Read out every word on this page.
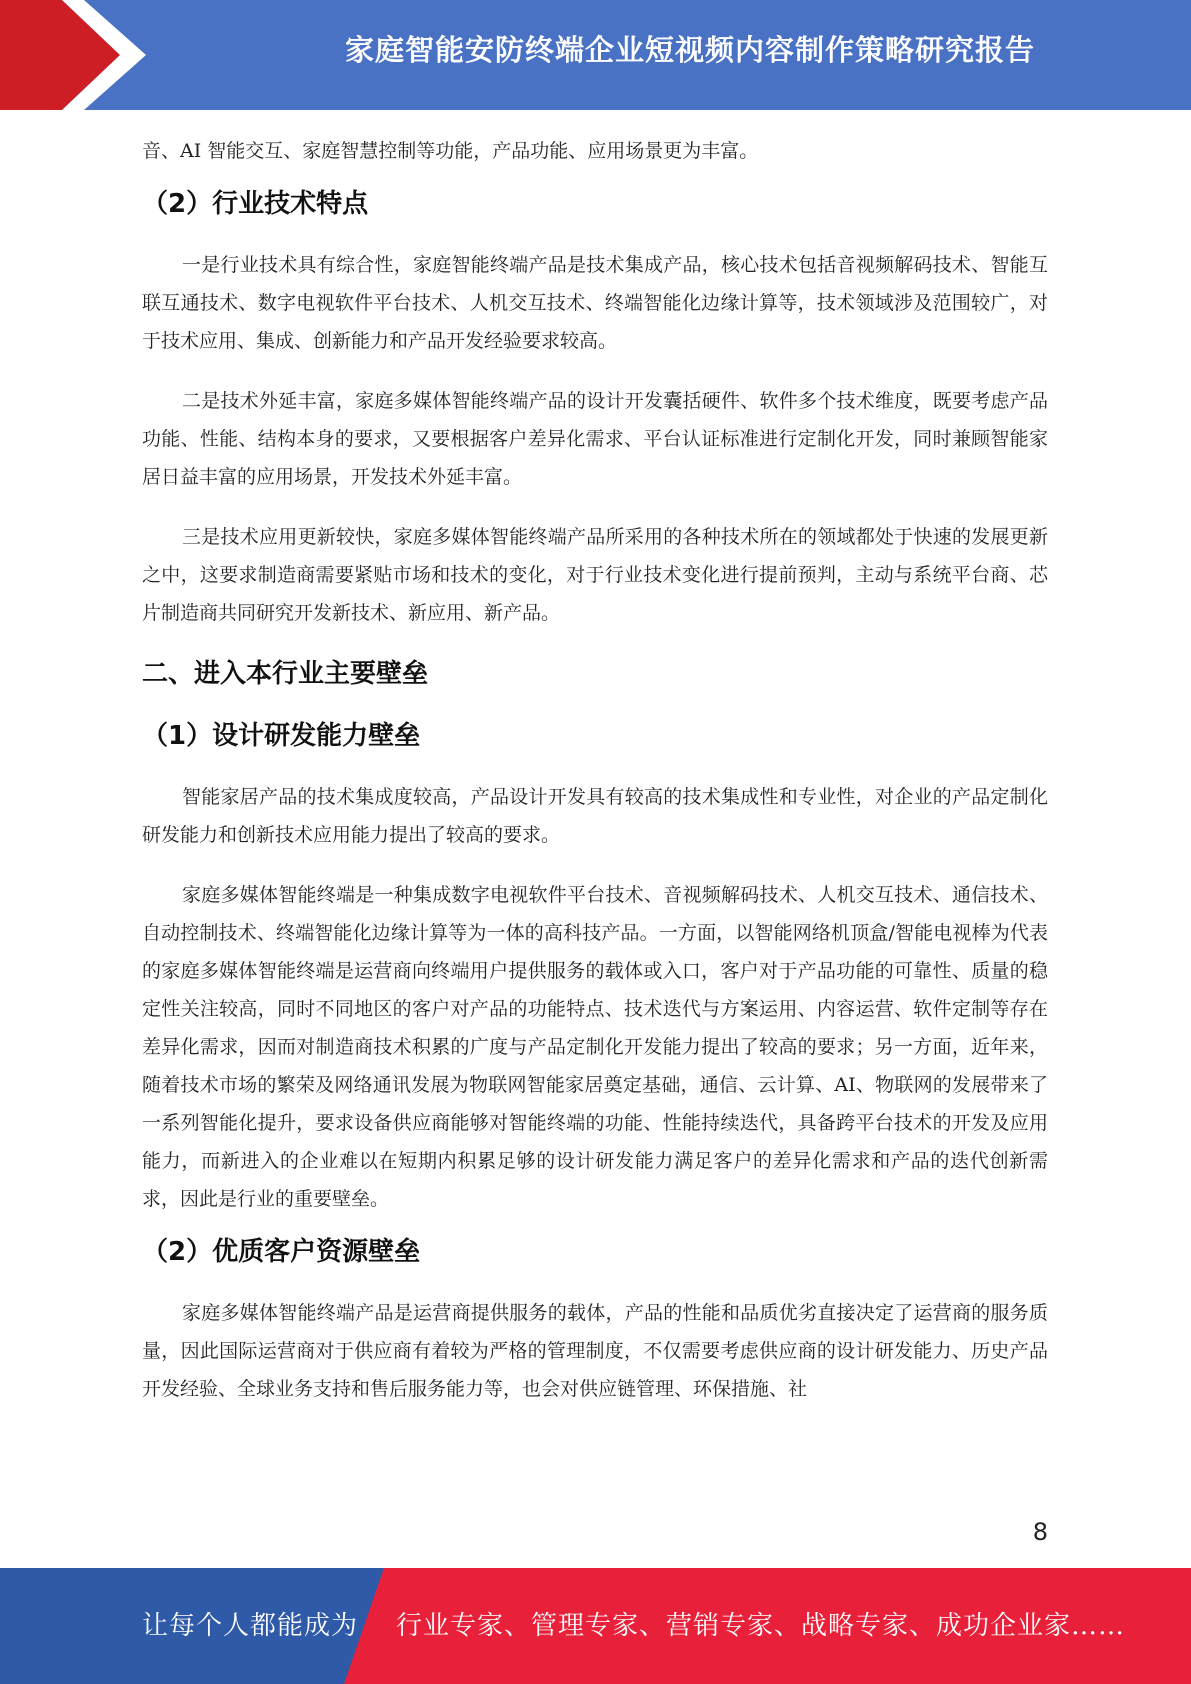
家庭智能安防终端企业短视频内容制作策略研究报告

音、AI 智能交互、家庭智慧控制等功能，产品功能、应用场景更为丰富。

（2）行业技术特点

一是行业技术具有综合性，家庭智能终端产品是技术集成产品，核心技术包括音视频解码技术、智能互联互通技术、数字电视软件平台技术、人机交互技术、终端智能化边缘计算等，技术领域涉及范围较广，对于技术应用、集成、创新能力和产品开发经验要求较高。

二是技术外延丰富，家庭多媒体智能终端产品的设计开发囊括硬件、软件多个技术维度，既要考虑产品功能、性能、结构本身的要求，又要根据客户差异化需求、平台认证标准进行定制化开发，同时兼顾智能家居日益丰富的应用场景，开发技术外延丰富。

三是技术应用更新较快，家庭多媒体智能终端产品所采用的各种技术所在的领域都处于快速的发展更新之中，这要求制造商需要紧贴市场和技术的变化，对于行业技术变化进行提前预判，主动与系统平台商、芯片制造商共同研究开发新技术、新应用、新产品。

二、进入本行业主要壁垒
（1）设计研发能力壁垒

智能家居产品的技术集成度较高，产品设计开发具有较高的技术集成性和专业性，对企业的产品定制化研发能力和创新技术应用能力提出了较高的要求。

家庭多媒体智能终端是一种集成数字电视软件平台技术、音视频解码技术、人机交互技术、通信技术、自动控制技术、终端智能化边缘计算等为一体的高科技产品。一方面，以智能网络机顶盒/智能电视棒为代表的家庭多媒体智能终端是运营商向终端用户提供服务的载体或入口，客户对于产品功能的可靠性、质量的稳定性关注较高，同时不同地区的客户对产品的功能特点、技术迭代与方案运用、内容运营、软件定制等存在差异化需求，因而对制造商技术积累的广度与产品定制化开发能力提出了较高的要求；另一方面，近年来，随着技术市场的繁荣及网络通讯发展为物联网智能家居奠定基础，通信、云计算、AI、物联网的发展带来了一系列智能化提升，要求设备供应商能够对智能终端的功能、性能持续迭代，具备跨平台技术的开发及应用能力，而新进入的企业难以在短期内积累足够的设计研发能力满足客户的差异化需求和产品的迭代创新需求，因此是行业的重要壁垒。

（2）优质客户资源壁垒

家庭多媒体智能终端产品是运营商提供服务的载体，产品的性能和品质优劣直接决定了运营商的服务质量，因此国际运营商对于供应商有着较为严格的管理制度，不仅需要考虑供应商的设计研发能力、历史产品开发经验、全球业务支持和售后服务能力等，也会对供应链管理、环保措施、社

8
让每个人都能成为 行业专家、管理专家、营销专家、战略专家、成功企业家……
